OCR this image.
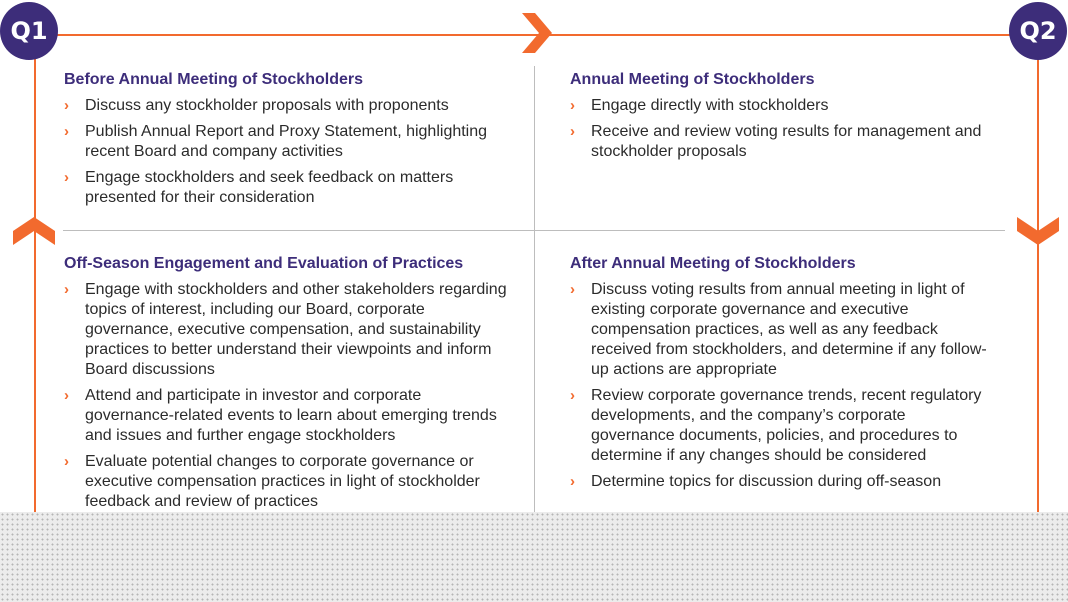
Q1	Q2
Before Annual Meeting of Stockholders
› Discuss any stockholder proposals with proponents
› Publish Annual Report and Proxy Statement, highlighting recent Board and company activities
› Engage stockholders and seek feedback on matters presented for their consideration
Annual Meeting of Stockholders
› Engage directly with stockholders
› Receive and review voting results for management and stockholder proposals
Off-Season Engagement and Evaluation of Practices
› Engage with stockholders and other stakeholders regarding topics of interest, including our Board, corporate governance, executive compensation, and sustainability practices to better understand their viewpoints and inform Board discussions
› Attend and participate in investor and corporate governance-related events to learn about emerging trends and issues and further engage stockholders
› Evaluate potential changes to corporate governance or executive compensation practices in light of stockholder feedback and review of practices
After Annual Meeting of Stockholders
› Discuss voting results from annual meeting in light of existing corporate governance and executive compensation practices, as well as any feedback received from stockholders, and determine if any follow-up actions are appropriate
› Review corporate governance trends, recent regulatory developments, and the company’s corporate governance documents, policies, and procedures to determine if any changes should be considered
› Determine topics for discussion during off-season
